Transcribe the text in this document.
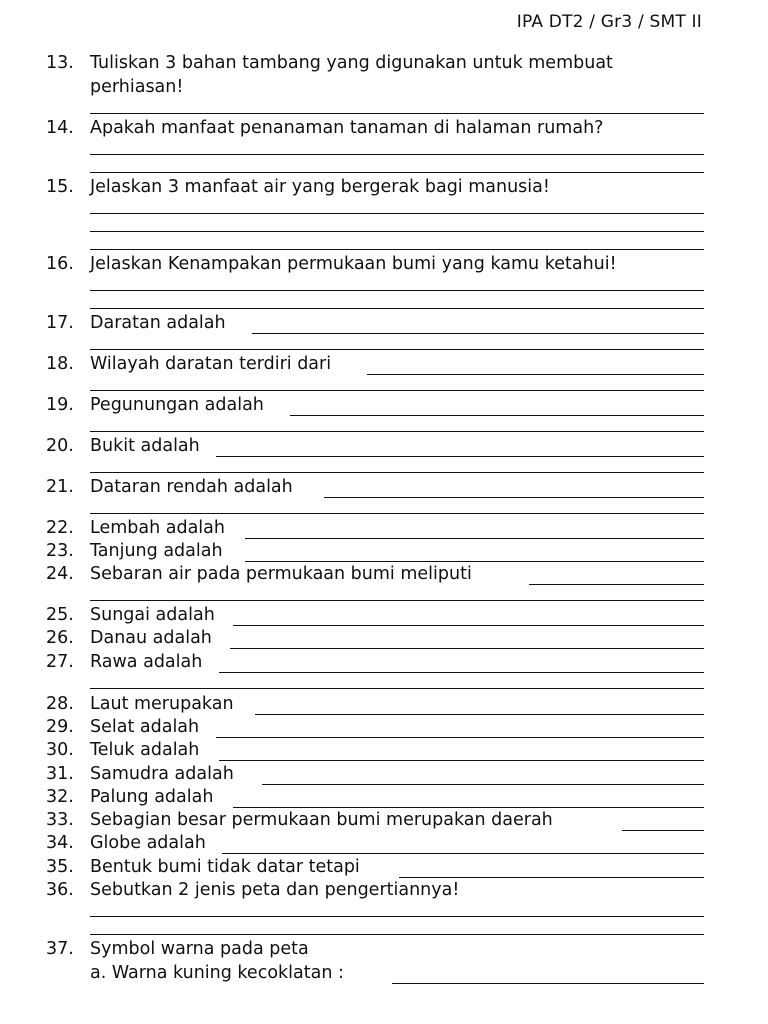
IPA DT2 / Gr3 / SMT II
13. Tuliskan 3 bahan tambang yang digunakan untuk membuat
perhiasan!
14. Apakah manfaat penanaman tanaman di halaman rumah?
15. Jelaskan 3 manfaat air yang bergerak bagi manusia!
16. Jelaskan Kenampakan permukaan bumi yang kamu ketahui!
17. Daratan adalah
18. Wilayah daratan terdiri dari
19. Pegunungan adalah
20. Bukit adalah
21. Dataran rendah adalah
22. Lembah adalah
23. Tanjung adalah
24. Sebaran air pada permukaan bumi meliputi
25. Sungai adalah
26. Danau adalah
27. Rawa adalah
28. Laut merupakan
29. Selat adalah
30. Teluk adalah
31. Samudra adalah
32. Palung adalah
33. Sebagian besar permukaan bumi merupakan daerah
34. Globe adalah
35. Bentuk bumi tidak datar tetapi
36. Sebutkan 2 jenis peta dan pengertiannya!
37. Symbol warna pada peta
a. Warna kuning kecoklatan :
